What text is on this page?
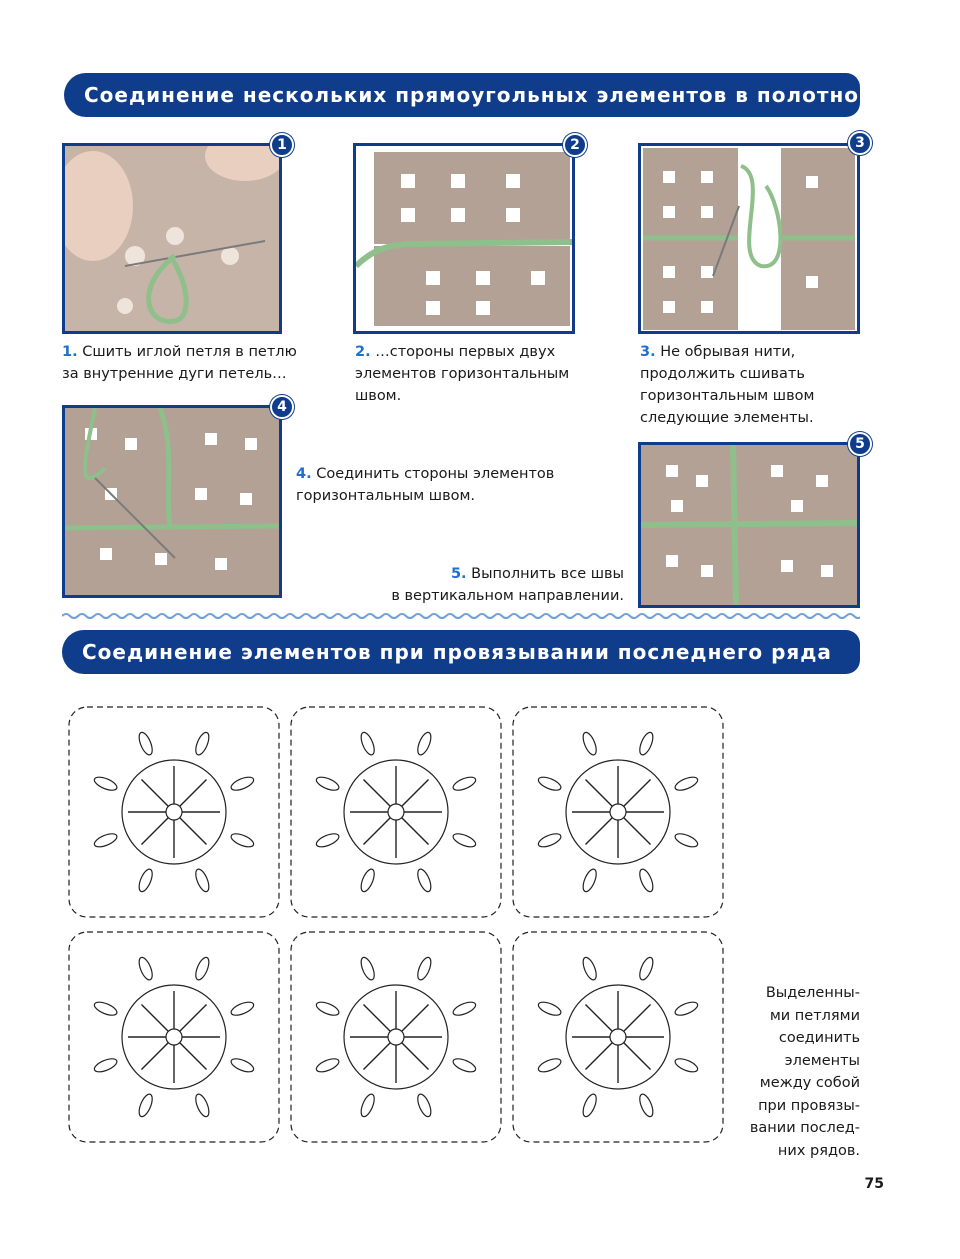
Соединение нескольких прямоугольных элементов в полотно
1	2	3
1. Сшить иглой петля в петлю
за внутренние дуги петель…
2. …стороны первых двух
элементов горизонтальным
швом.
3. Не обрывая нити,
продолжить сшивать
горизонтальным швом
следующие элементы.
4
4. Соединить стороны элементов
горизонтальным швом.
5
5. Выполнить все швы
в вертикальном направлении.
Соединение элементов при провязывании последнего ряда
Выделенны-
ми петлями
соединить
элементы
между собой
при провязы-
вании послед-
них рядов.
75
